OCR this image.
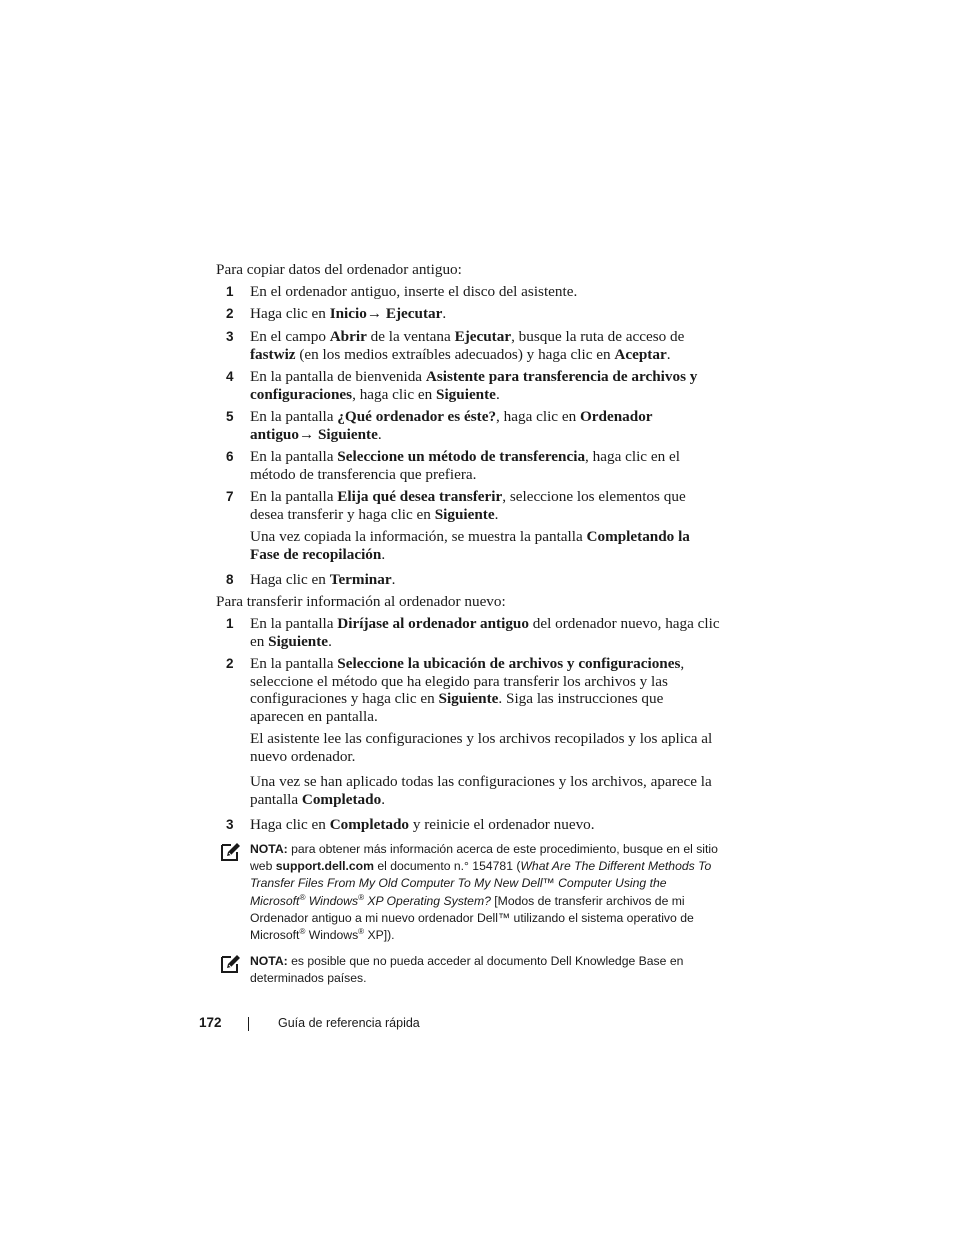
Para copiar datos del ordenador antiguo:
1 En el ordenador antiguo, inserte el disco del asistente.
2 Haga clic en Inicio→ Ejecutar.
3 En el campo Abrir de la ventana Ejecutar, busque la ruta de acceso de fastwiz (en los medios extraíbles adecuados) y haga clic en Aceptar.
4 En la pantalla de bienvenida Asistente para transferencia de archivos y configuraciones, haga clic en Siguiente.
5 En la pantalla ¿Qué ordenador es éste?, haga clic en Ordenador antiguo→ Siguiente.
6 En la pantalla Seleccione un método de transferencia, haga clic en el método de transferencia que prefiera.
7 En la pantalla Elija qué desea transferir, seleccione los elementos que desea transferir y haga clic en Siguiente.
Una vez copiada la información, se muestra la pantalla Completando la Fase de recopilación.
8 Haga clic en Terminar.
Para transferir información al ordenador nuevo:
1 En la pantalla Diríjase al ordenador antiguo del ordenador nuevo, haga clic en Siguiente.
2 En la pantalla Seleccione la ubicación de archivos y configuraciones, seleccione el método que ha elegido para transferir los archivos y las configuraciones y haga clic en Siguiente. Siga las instrucciones que aparecen en pantalla.
El asistente lee las configuraciones y los archivos recopilados y los aplica al nuevo ordenador.
Una vez se han aplicado todas las configuraciones y los archivos, aparece la pantalla Completado.
3 Haga clic en Completado y reinicie el ordenador nuevo.
NOTA: para obtener más información acerca de este procedimiento, busque en el sitio web support.dell.com el documento n.° 154781 (What Are The Different Methods To Transfer Files From My Old Computer To My New Dell™ Computer Using the Microsoft® Windows® XP Operating System? [Modos de transferir archivos de mi Ordenador antiguo a mi nuevo ordenador Dell™ utilizando el sistema operativo de Microsoft® Windows® XP]).
NOTA: es posible que no pueda acceder al documento Dell Knowledge Base en determinados países.
172	Guía de referencia rápida
